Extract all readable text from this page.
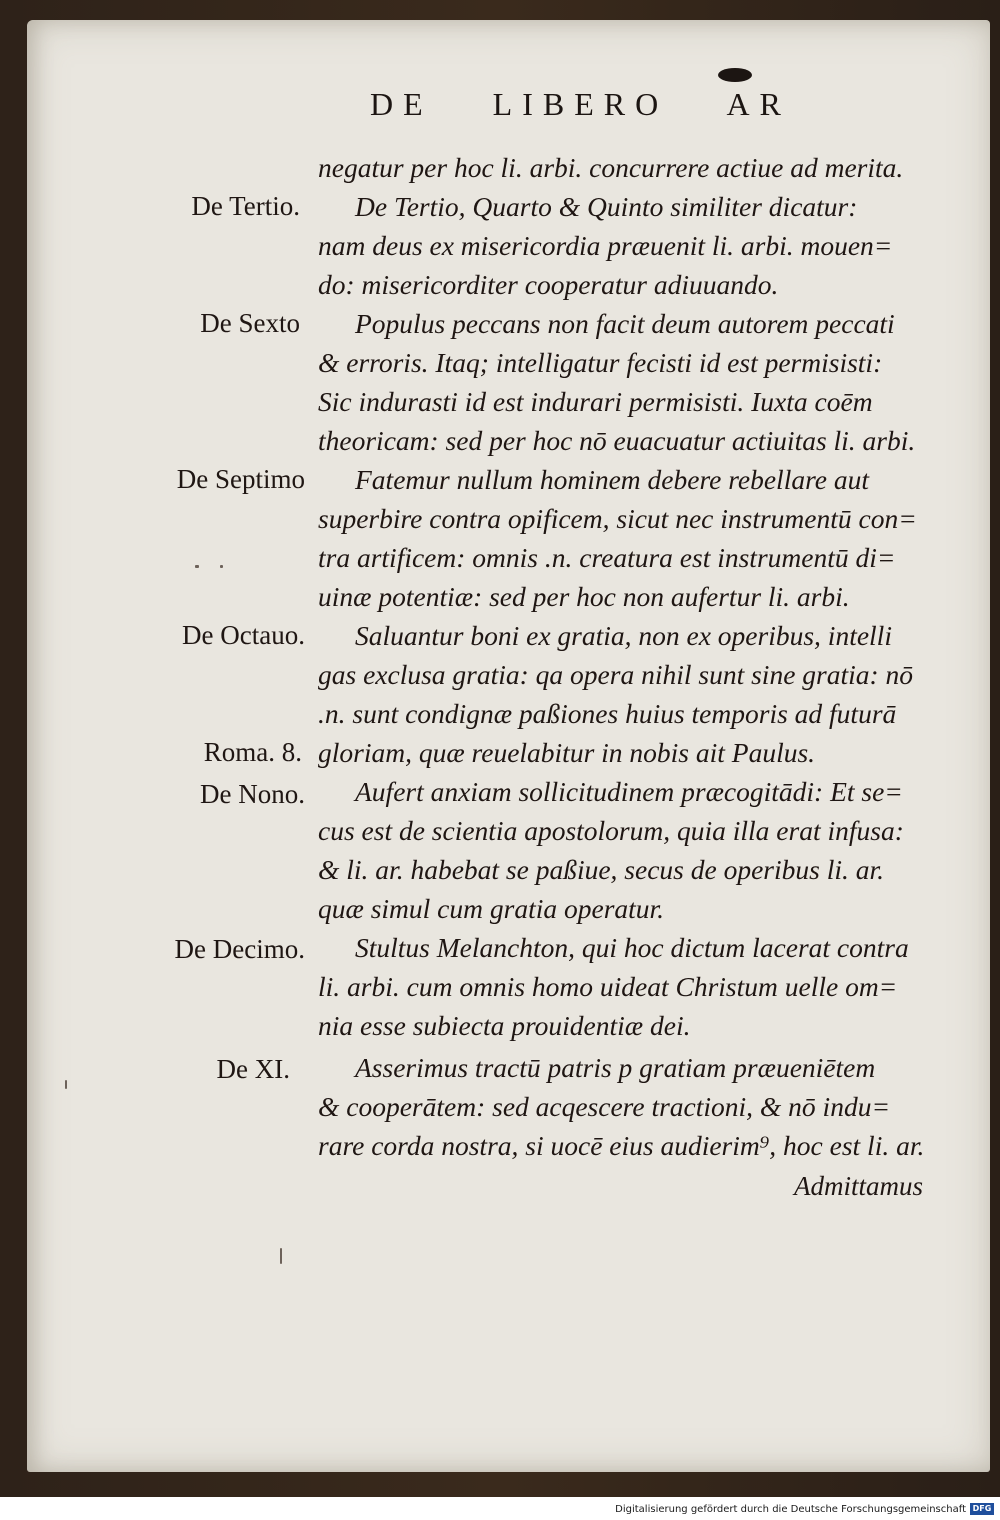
DE LIBERO AR
negatur per hoc li. arbi. concurrere actiue ad merita.
De Tertio, Quarto & Quinto similiter dicatur:
nam deus ex misericordia præuenit li. arbi. mouen=
do: misericorditer cooperatur adiuuando.
Populus peccans non facit deum autorem peccati
& erroris. Itaq; intelligatur fecisti id est permisisti:
Sic indurasti id est indurari permisisti. Iuxta coēm
theoricam: sed per hoc nō euacuatur actiuitas li. arbi.
Fatemur nullum hominem debere rebellare aut
superbire contra opificem, sicut nec instrumentū con=
tra artificem: omnis .n. creatura est instrumentū di=
uinæ potentiæ: sed per hoc non aufertur li. arbi.
Saluantur boni ex gratia, non ex operibus, intelli
gas exclusa gratia: qa opera nihil sunt sine gratia: nō
.n. sunt condignæ paßiones huius temporis ad futurā
gloriam, quæ reuelabitur in nobis ait Paulus.
Aufert anxiam sollicitudinem præcogitādi: Et se=
cus est de scientia apostolorum, quia illa erat infusa:
& li. ar. habebat se paßiue, secus de operibus li. ar.
quæ simul cum gratia operatur.
Stultus Melanchton, qui hoc dictum lacerat contra
li. arbi. cum omnis homo uideat Christum uelle om=
nia esse subiecta prouidentiæ dei.
Asserimus tractū patris p gratiam præueniētem
& cooperātem: sed acqescere tractioni, & nō indu=
rare corda nostra, si uocē eius audierim⁹, hoc est li. ar.
De Tertio.
De Sexto
De Septimo
De Octauo.
Roma. 8.
De Nono.
De Decimo.
De XI.
Admittamus
Digitalisierung gefördert durch die Deutsche Forschungsgemeinschaft DFG
